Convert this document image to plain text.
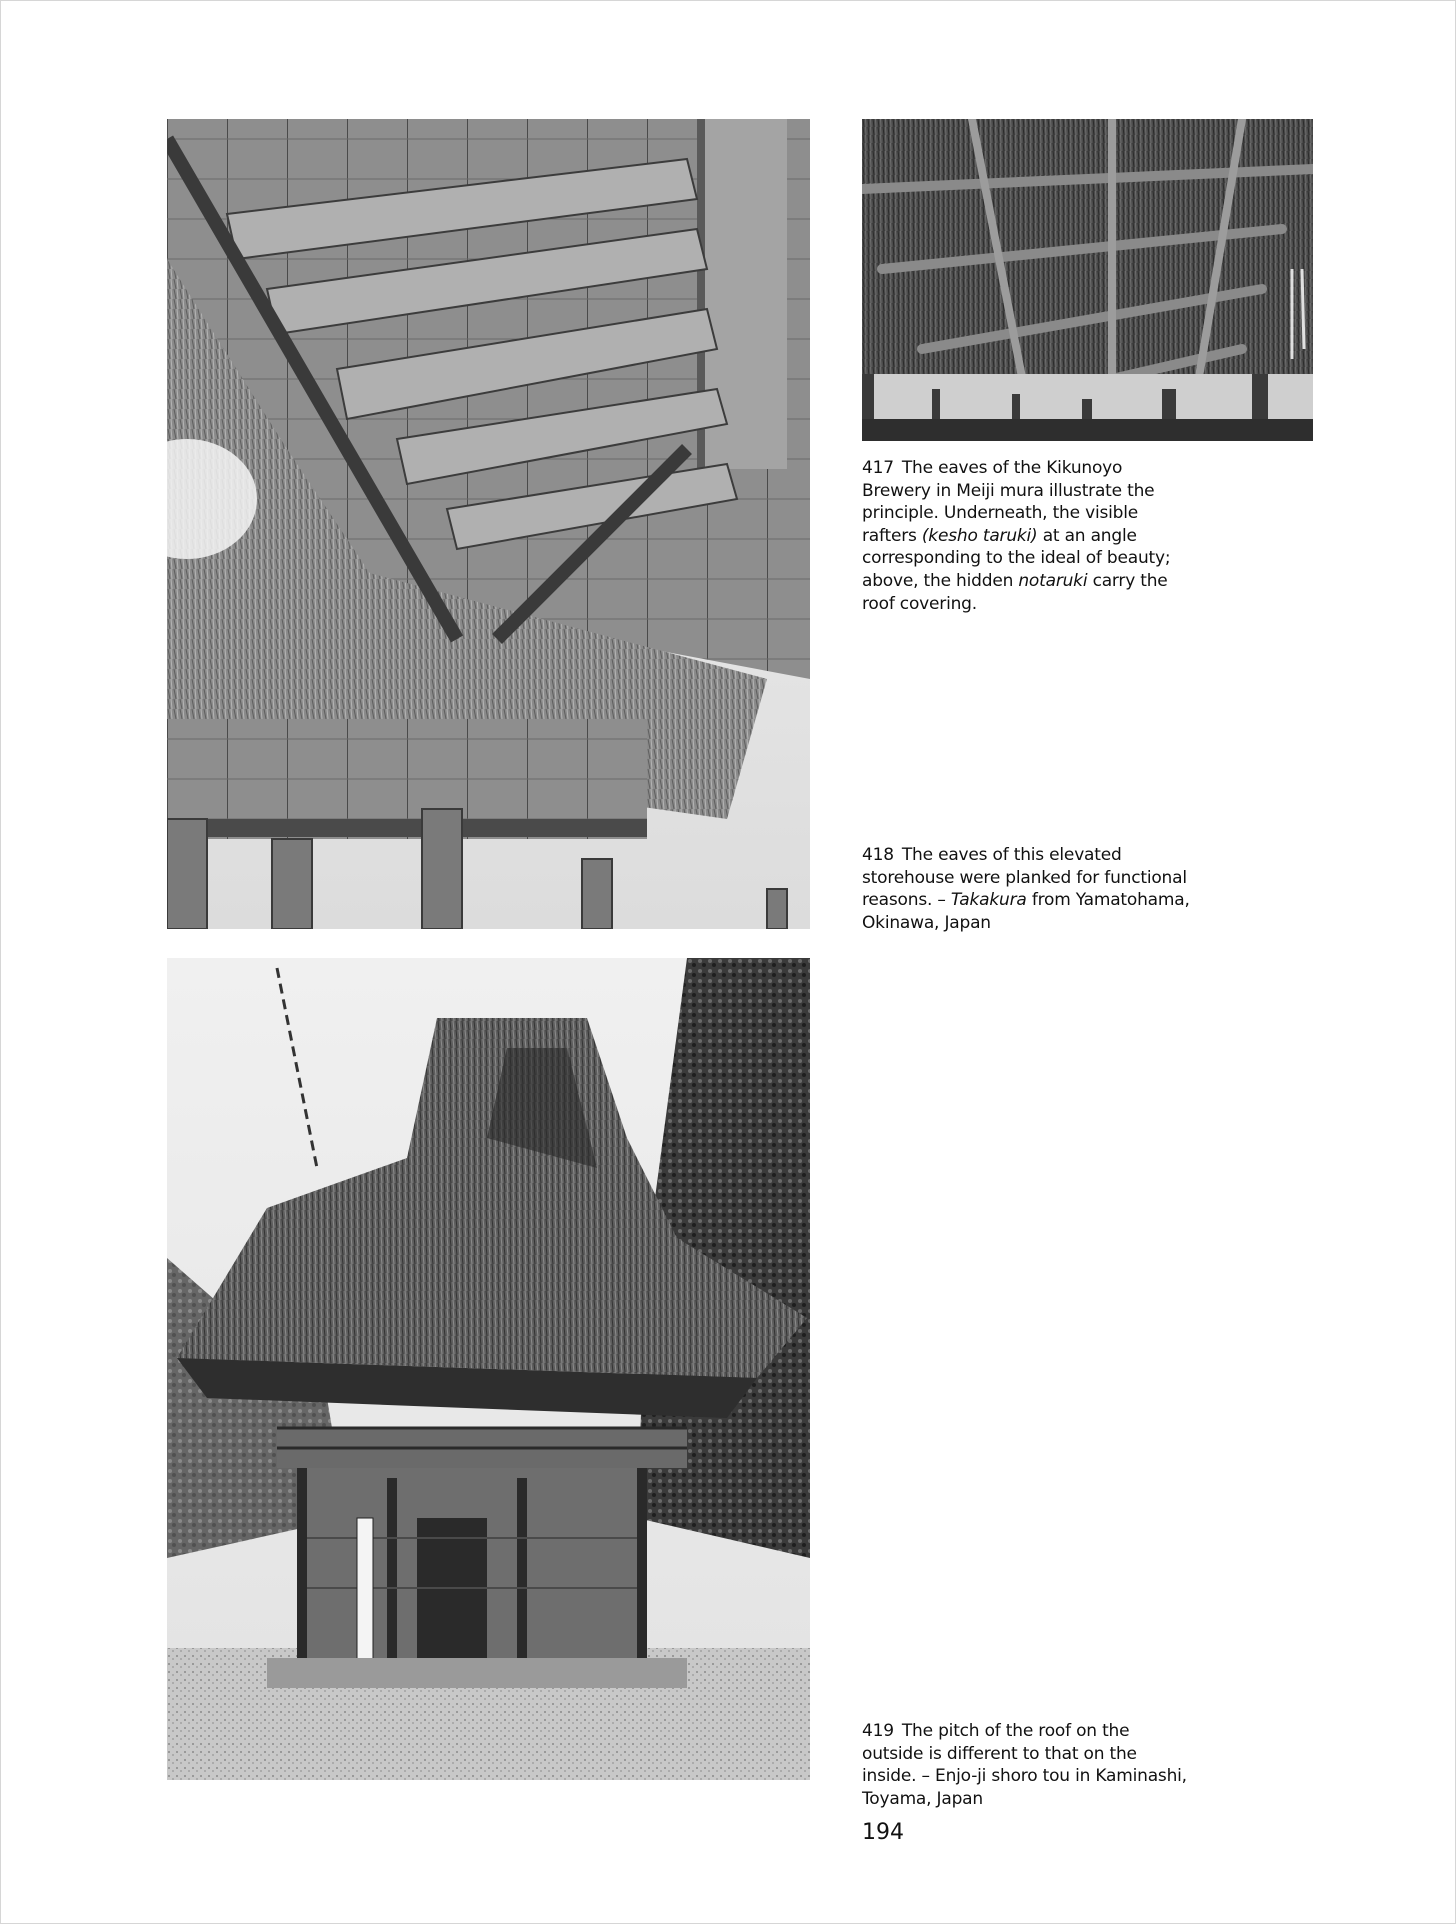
417 The eaves of the Kikunoyo Brewery in Meiji mura illustrate the principle. Underneath, the visible rafters (kesho taruki) at an angle corresponding to the ideal of beauty; above, the hidden notaruki carry the roof covering.
418 The eaves of this elevated storehouse were planked for functional reasons. – Takakura from Yamatohama, Okinawa, Japan
419 The pitch of the roof on the outside is different to that on the inside. – Enjo-ji shoro tou in Kaminashi, Toyama, Japan
194
